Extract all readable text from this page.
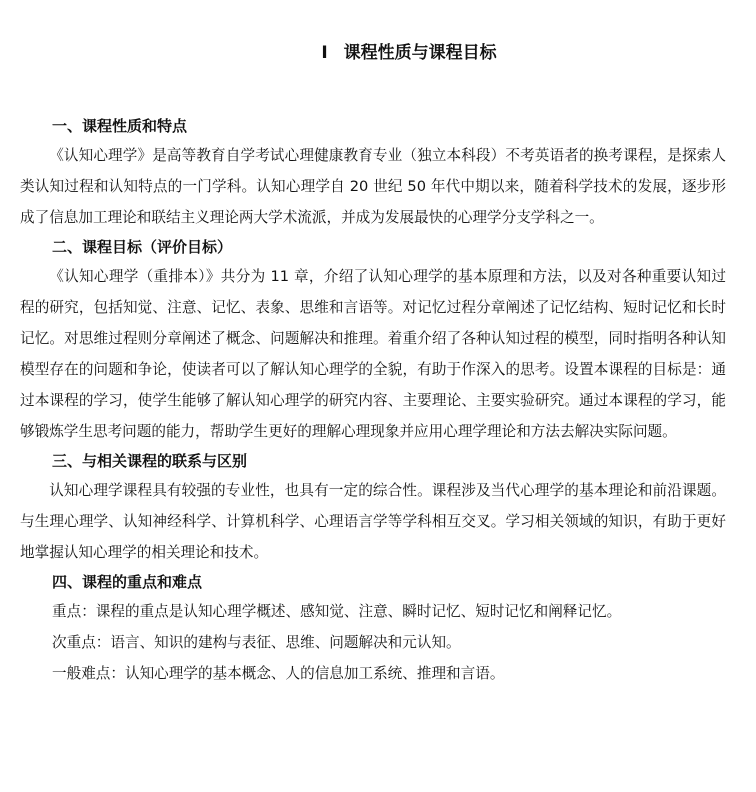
Ⅰ 课程性质与课程目标

一、课程性质和特点

《认知心理学》是高等教育自学考试心理健康教育专业（独立本科段）不考英语者的换考课程，是探索人类认知过程和认知特点的一门学科。认知心理学自 20 世纪 50 年代中期以来，随着科学技术的发展，逐步形成了信息加工理论和联结主义理论两大学术流派，并成为发展最快的心理学分支学科之一。

二、课程目标（评价目标）

《认知心理学（重排本）》共分为 11 章，介绍了认知心理学的基本原理和方法，以及对各种重要认知过程的研究，包括知觉、注意、记忆、表象、思维和言语等。对记忆过程分章阐述了记忆结构、短时记忆和长时记忆。对思维过程则分章阐述了概念、问题解决和推理。着重介绍了各种认知过程的模型，同时指明各种认知模型存在的问题和争论，使读者可以了解认知心理学的全貌，有助于作深入的思考。设置本课程的目标是：通过本课程的学习，使学生能够了解认知心理学的研究内容、主要理论、主要实验研究。通过本课程的学习，能够锻炼学生思考问题的能力，帮助学生更好的理解心理现象并应用心理学理论和方法去解决实际问题。

三、与相关课程的联系与区别

认知心理学课程具有较强的专业性，也具有一定的综合性。课程涉及当代心理学的基本理论和前沿课题。与生理心理学、认知神经科学、计算机科学、心理语言学等学科相互交叉。学习相关领域的知识，有助于更好地掌握认知心理学的相关理论和技术。

四、课程的重点和难点

重点：课程的重点是认知心理学概述、感知觉、注意、瞬时记忆、短时记忆和阐释记忆。

次重点：语言、知识的建构与表征、思维、问题解决和元认知。

一般难点：认知心理学的基本概念、人的信息加工系统、推理和言语。
